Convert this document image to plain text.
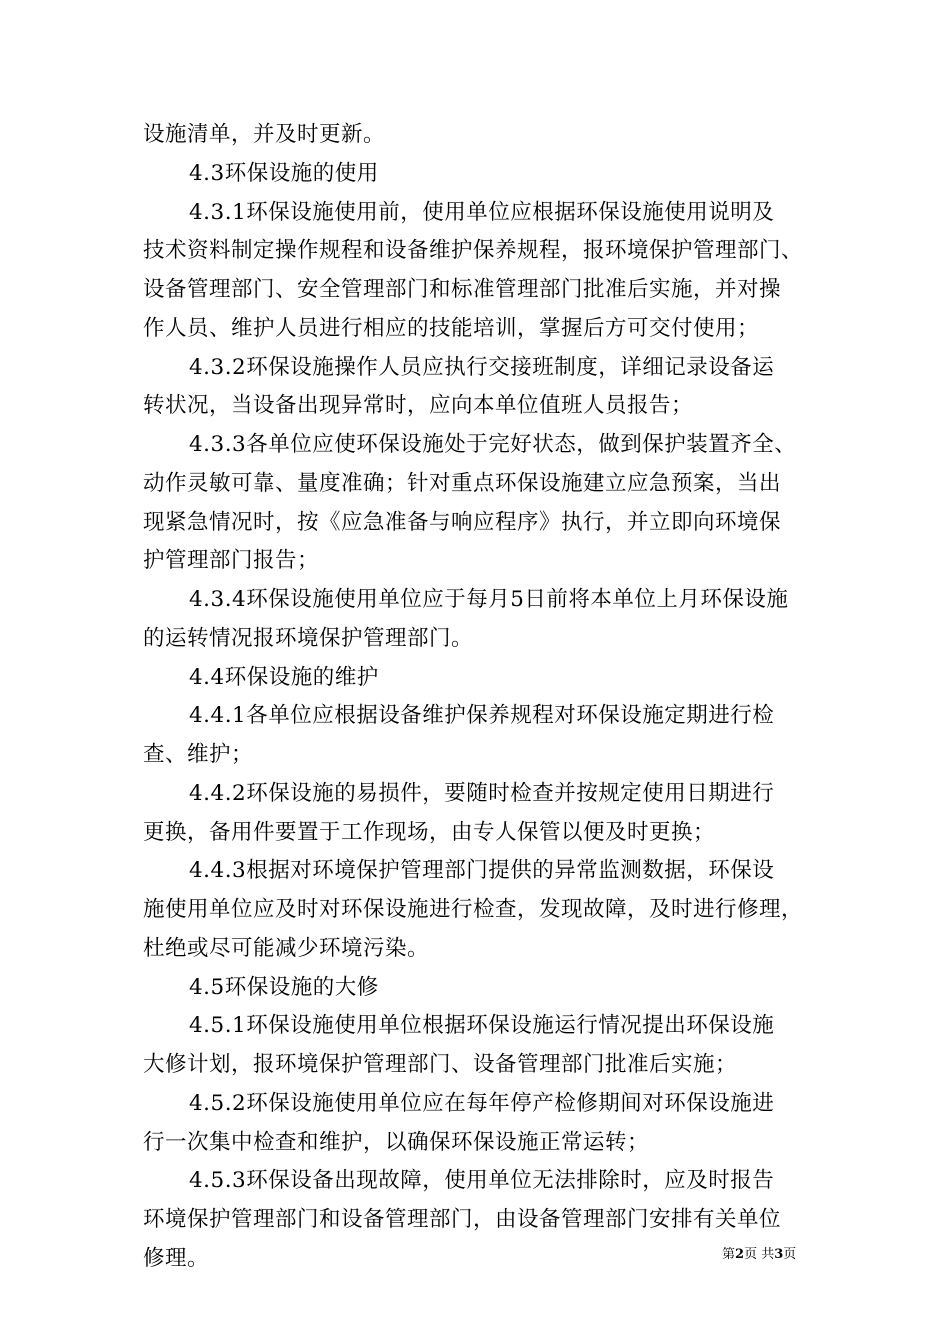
设施清单，并及时更新。
4.3环保设施的使用
4.3.1环保设施使用前，使用单位应根据环保设施使用说明及
技术资料制定操作规程和设备维护保养规程，报环境保护管理部门、
设备管理部门、安全管理部门和标准管理部门批准后实施，并对操
作人员、维护人员进行相应的技能培训，掌握后方可交付使用；
4.3.2环保设施操作人员应执行交接班制度，详细记录设备运
转状况，当设备出现异常时，应向本单位值班人员报告；
4.3.3各单位应使环保设施处于完好状态，做到保护装置齐全、
动作灵敏可靠、量度准确；针对重点环保设施建立应急预案，当出
现紧急情况时，按《应急准备与响应程序》执行，并立即向环境保
护管理部门报告；
4.3.4环保设施使用单位应于每月5日前将本单位上月环保设施
的运转情况报环境保护管理部门。
4.4环保设施的维护
4.4.1各单位应根据设备维护保养规程对环保设施定期进行检
查、维护；
4.4.2环保设施的易损件，要随时检查并按规定使用日期进行
更换，备用件要置于工作现场，由专人保管以便及时更换；
4.4.3根据对环境保护管理部门提供的异常监测数据，环保设
施使用单位应及时对环保设施进行检查，发现故障，及时进行修理，
杜绝或尽可能减少环境污染。
4.5环保设施的大修
4.5.1环保设施使用单位根据环保设施运行情况提出环保设施
大修计划，报环境保护管理部门、设备管理部门批准后实施；
4.5.2环保设施使用单位应在每年停产检修期间对环保设施进
行一次集中检查和维护，以确保环保设施正常运转；
4.5.3环保设备出现故障，使用单位无法排除时，应及时报告
环境保护管理部门和设备管理部门，由设备管理部门安排有关单位
修理。	第2页 共3页
